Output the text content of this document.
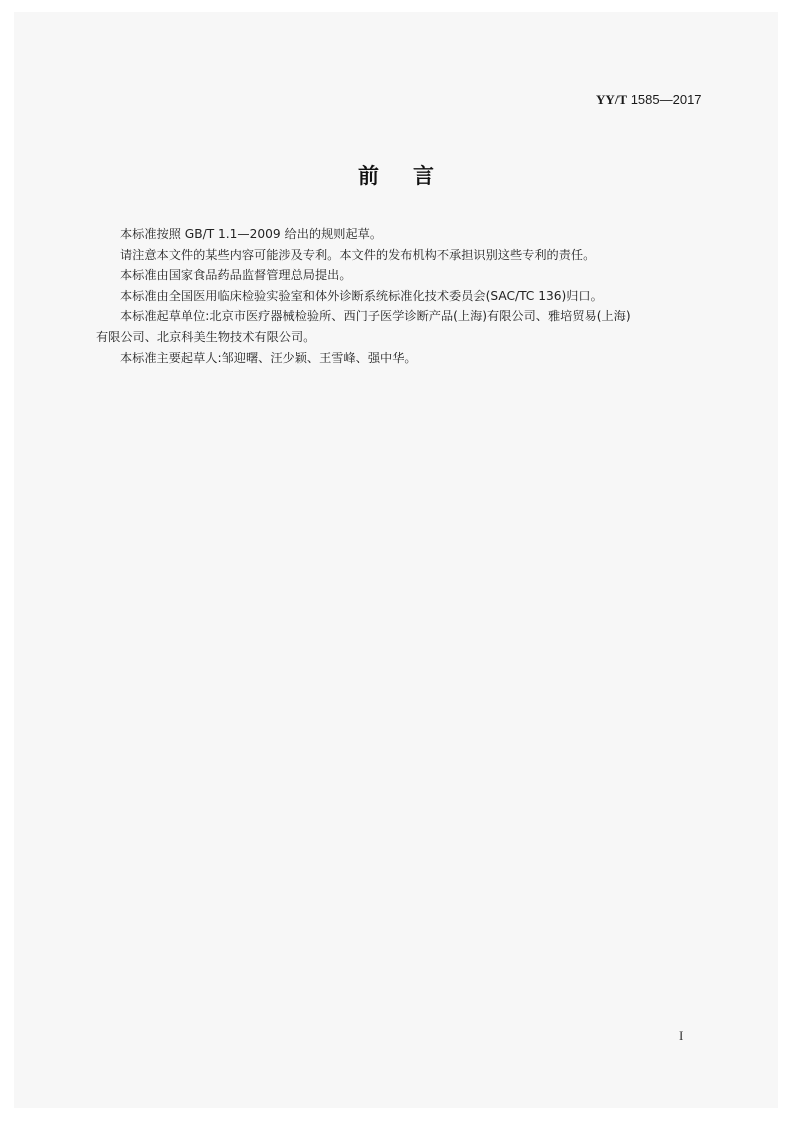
YY/T 1585—2017
前言

本标准按照 GB/T 1.1—2009 给出的规则起草。

请注意本文件的某些内容可能涉及专利。本文件的发布机构不承担识别这些专利的责任。

本标准由国家食品药品监督管理总局提出。

本标准由全国医用临床检验实验室和体外诊断系统标准化技术委员会(SAC/TC 136)归口。

本标准起草单位:北京市医疗器械检验所、西门子医学诊断产品(上海)有限公司、雅培贸易(上海)

有限公司、北京科美生物技术有限公司。

本标准主要起草人:邹迎曙、汪少颖、王雪峰、强中华。

I
